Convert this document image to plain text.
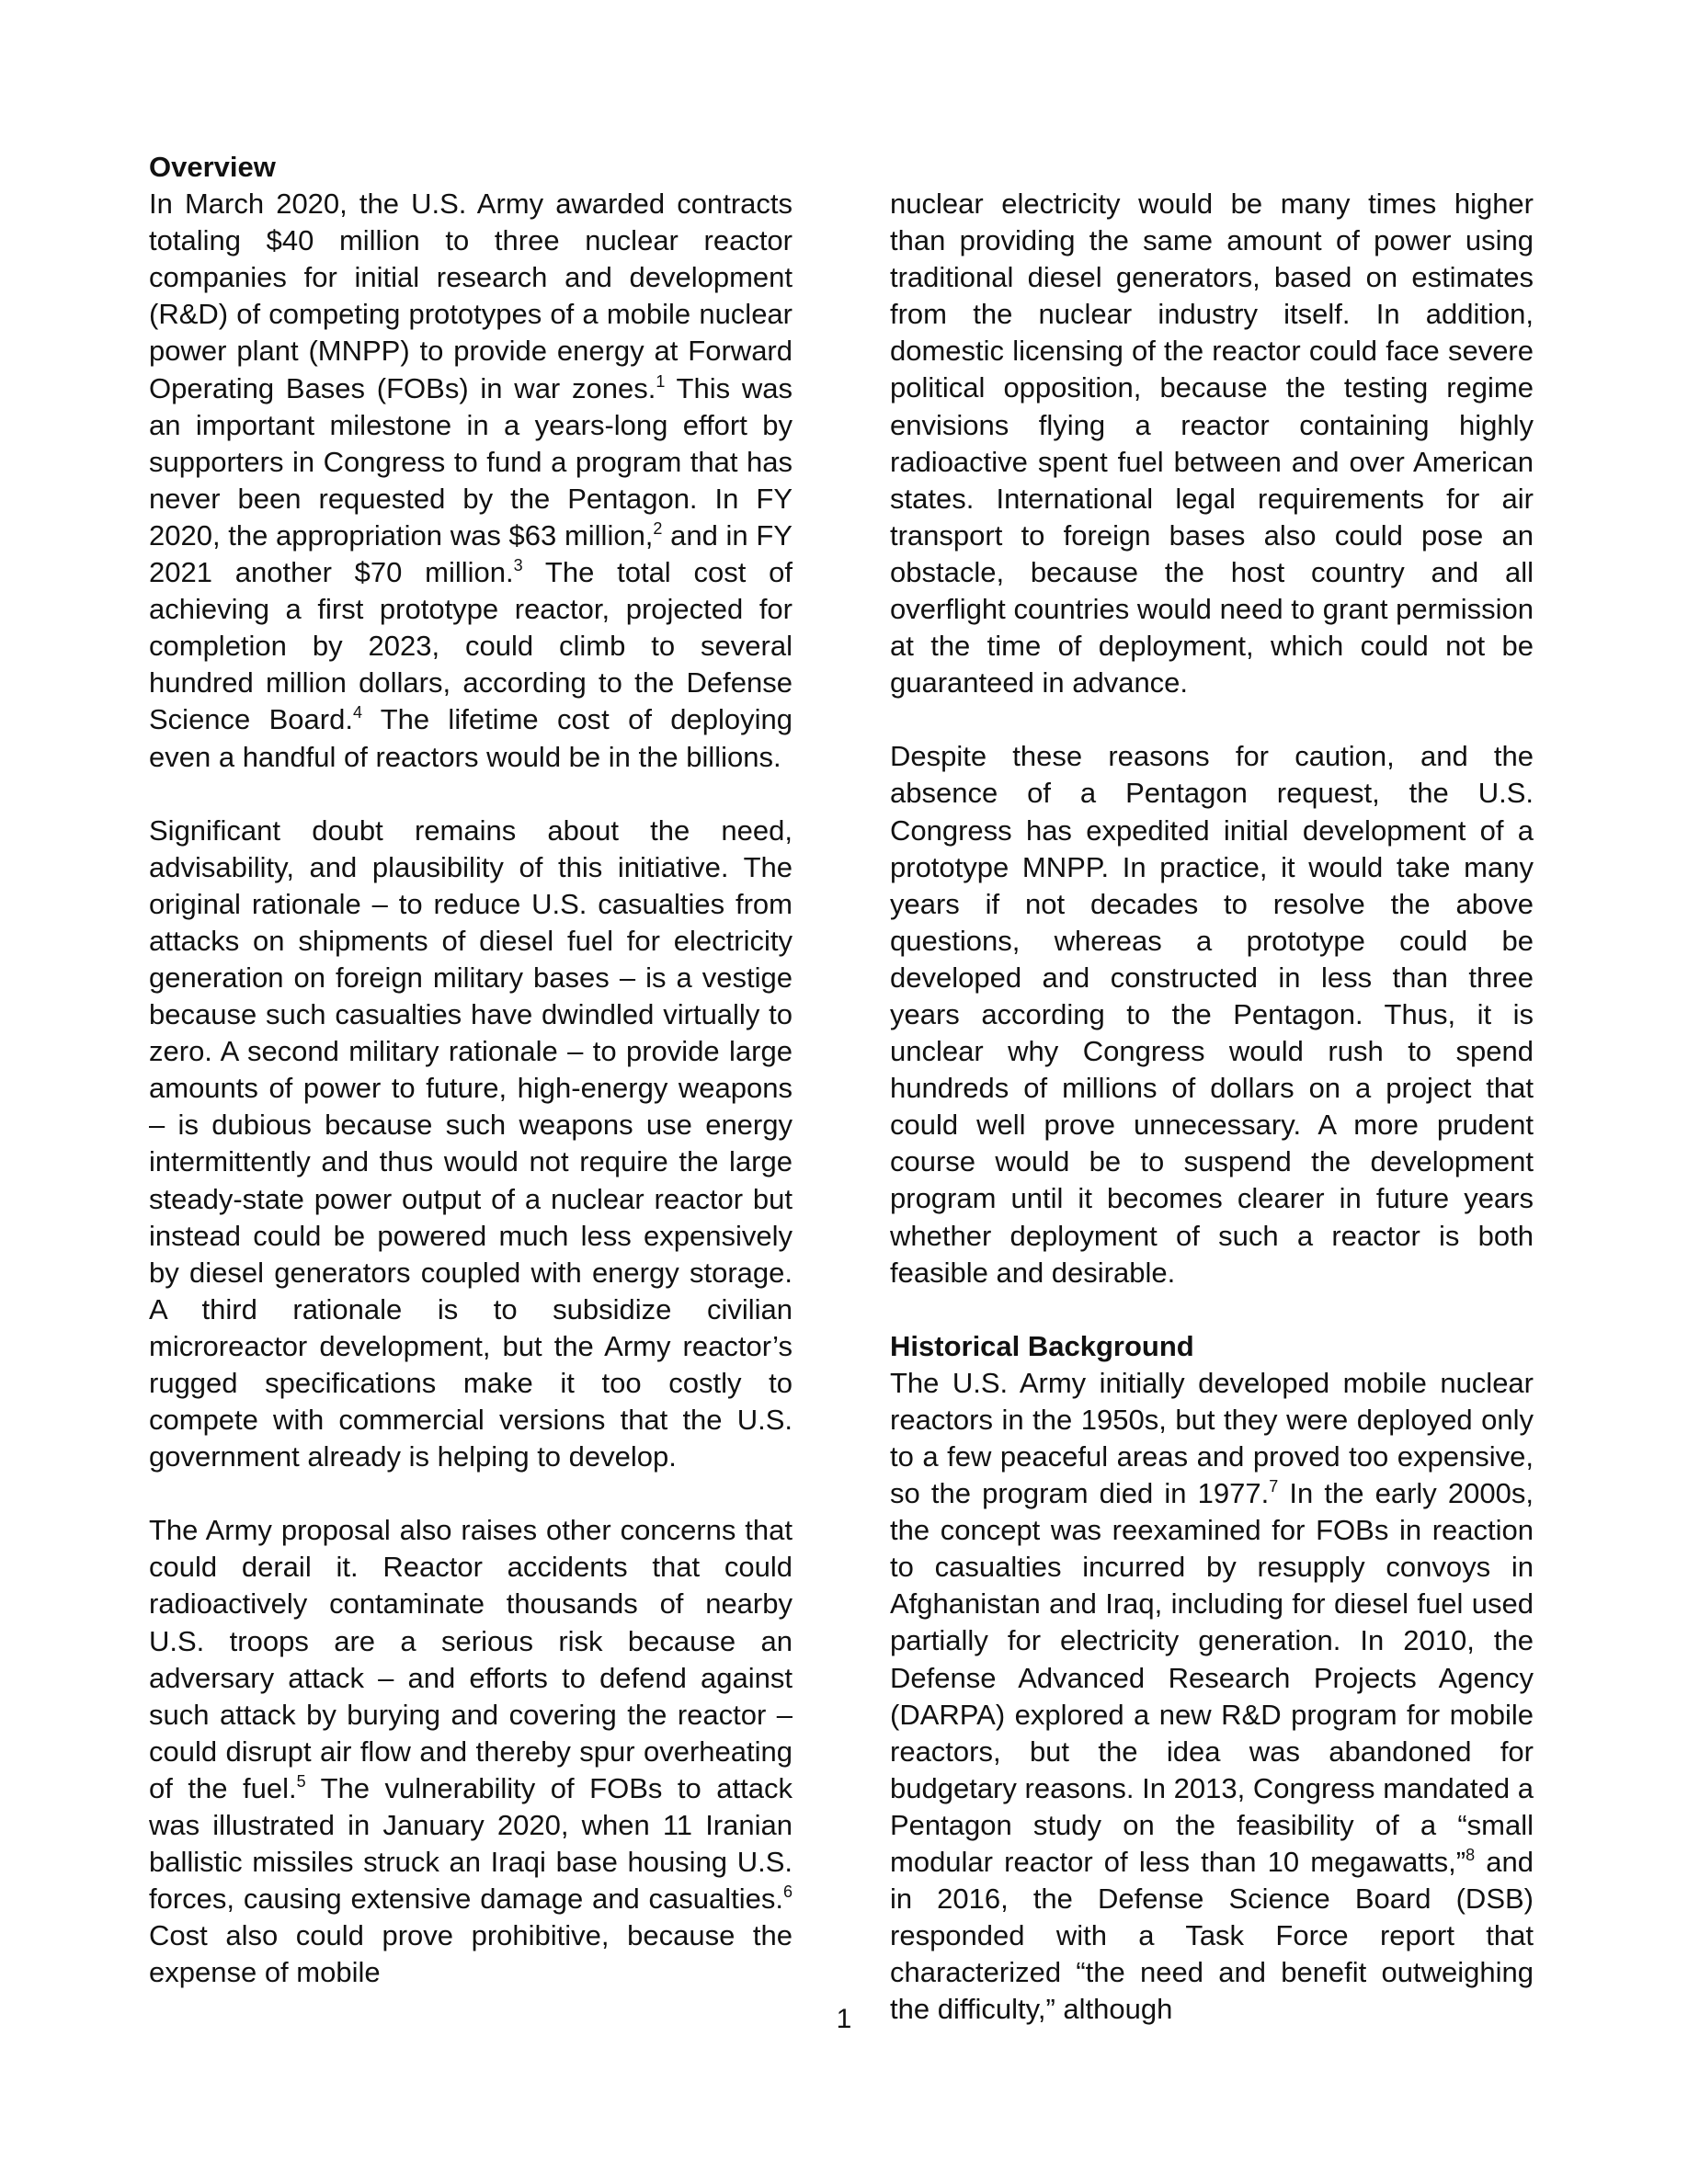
Overview

In March 2020, the U.S. Army awarded contracts totaling $40 million to three nuclear reactor companies for initial research and development (R&D) of competing prototypes of a mobile nuclear power plant (MNPP) to provide energy at Forward Operating Bases (FOBs) in war zones.$^1$ This was an important milestone in a years-long effort by supporters in Congress to fund a program that has never been requested by the Pentagon. In FY 2020, the appropriation was $63 million,$^2$ and in FY 2021 another $70 million.$^3$ The total cost of achieving a first prototype reactor, projected for completion by 2023, could climb to several hundred million dollars, according to the Defense Science Board.$^4$ The lifetime cost of deploying even a handful of reactors would be in the billions.

Significant doubt remains about the need, advisability, and plausibility of this initiative. The original rationale – to reduce U.S. casualties from attacks on shipments of diesel fuel for electricity generation on foreign military bases – is a vestige because such casualties have dwindled virtually to zero. A second military rationale – to provide large amounts of power to future, high-energy weapons – is dubious because such weapons use energy intermittently and thus would not require the large steady-state power output of a nuclear reactor but instead could be powered much less expensively by diesel generators coupled with energy storage. A third rationale is to subsidize civilian microreactor development, but the Army reactor’s rugged specifications make it too costly to compete with commercial versions that the U.S. government already is helping to develop.

The Army proposal also raises other concerns that could derail it. Reactor accidents that could radioactively contaminate thousands of nearby U.S. troops are a serious risk because an adversary attack – and efforts to defend against such attack by burying and covering the reactor – could disrupt air flow and thereby spur overheating of the fuel.$^5$ The vulnerability of FOBs to attack was illustrated in January 2020, when 11 Iranian ballistic missiles struck an Iraqi base housing U.S. forces, causing extensive damage and casualties.$^6$ Cost also could prove prohibitive, because the expense of mobile

nuclear electricity would be many times higher than providing the same amount of power using traditional diesel generators, based on estimates from the nuclear industry itself. In addition, domestic licensing of the reactor could face severe political opposition, because the testing regime envisions flying a reactor containing highly radioactive spent fuel between and over American states. International legal requirements for air transport to foreign bases also could pose an obstacle, because the host country and all overflight countries would need to grant permission at the time of deployment, which could not be guaranteed in advance.

Despite these reasons for caution, and the absence of a Pentagon request, the U.S. Congress has expedited initial development of a prototype MNPP. In practice, it would take many years if not decades to resolve the above questions, whereas a prototype could be developed and constructed in less than three years according to the Pentagon. Thus, it is unclear why Congress would rush to spend hundreds of millions of dollars on a project that could well prove unnecessary. A more prudent course would be to suspend the development program until it becomes clearer in future years whether deployment of such a reactor is both feasible and desirable.

Historical Background

The U.S. Army initially developed mobile nuclear reactors in the 1950s, but they were deployed only to a few peaceful areas and proved too expensive, so the program died in 1977.$^7$ In the early 2000s, the concept was reexamined for FOBs in reaction to casualties incurred by resupply convoys in Afghanistan and Iraq, including for diesel fuel used partially for electricity generation. In 2010, the Defense Advanced Research Projects Agency (DARPA) explored a new R&D program for mobile reactors, but the idea was abandoned for budgetary reasons. In 2013, Congress mandated a Pentagon study on the feasibility of a “small modular reactor of less than 10 megawatts,”$^8$ and in 2016, the Defense Science Board (DSB) responded with a Task Force report that characterized “the need and benefit outweighing the difficulty,” although

1
